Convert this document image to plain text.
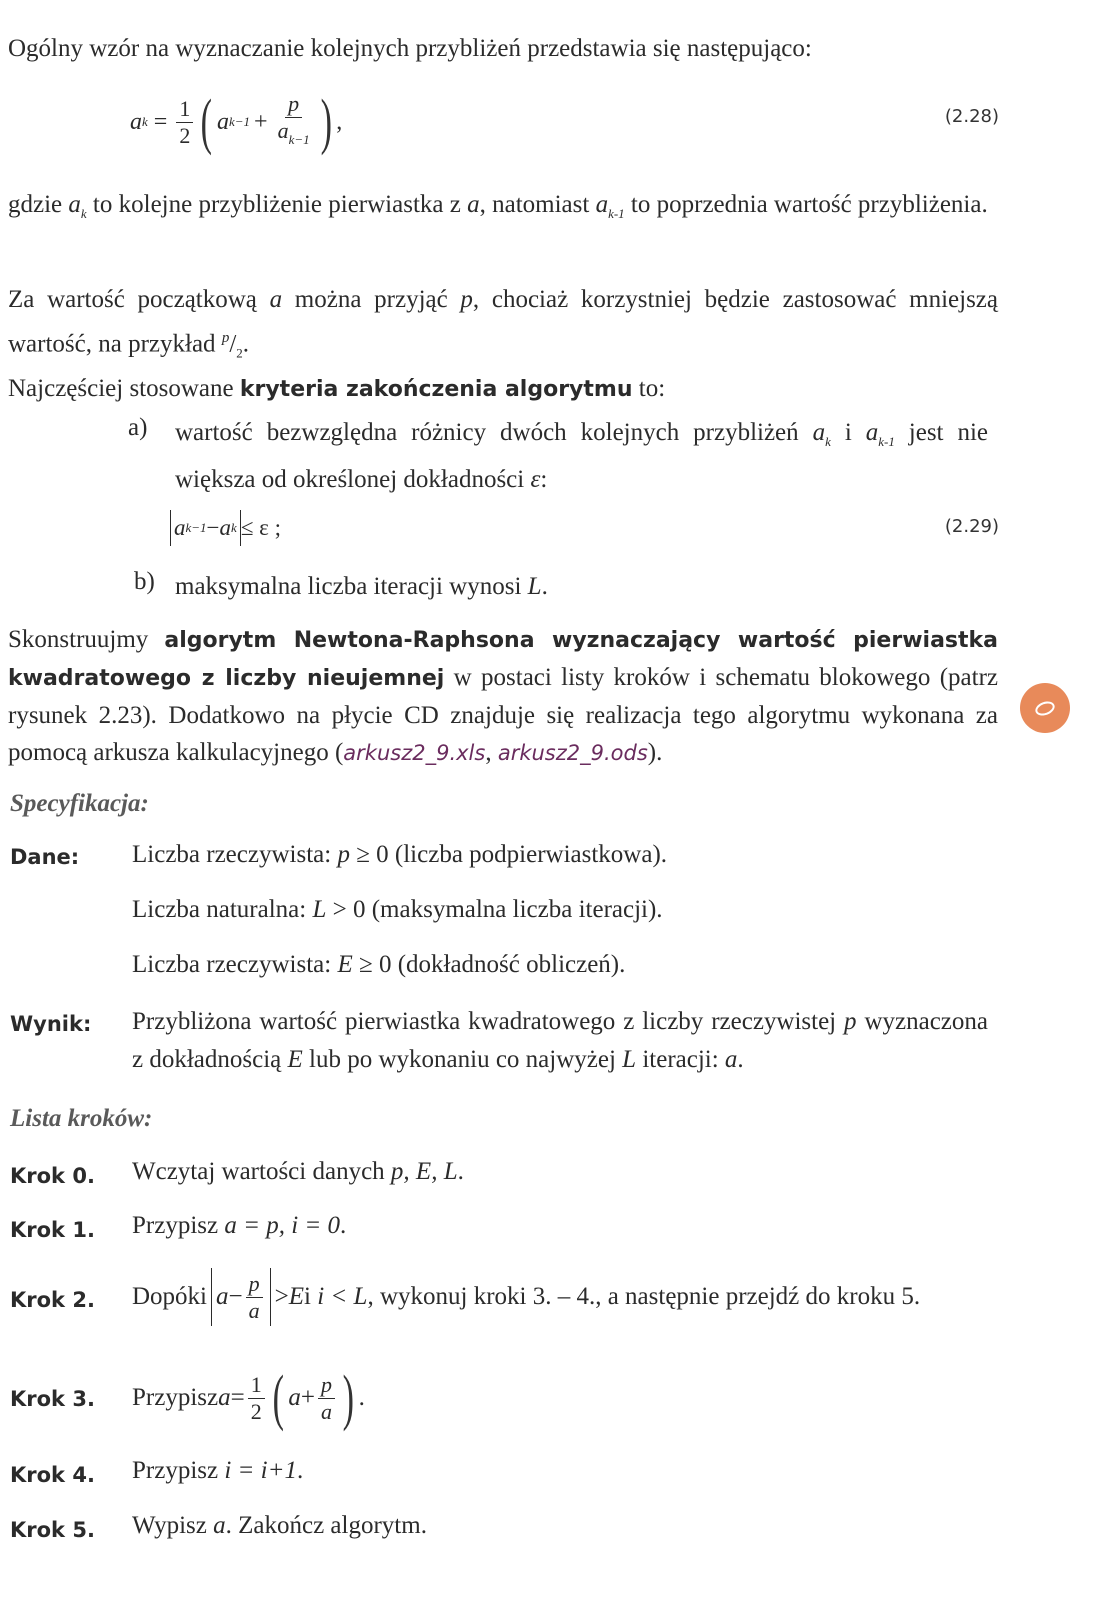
Ogólny wzór na wyznaczanie kolejnych przybliżeń przedstawia się następująco:
a $k = \frac{1}{2}$ ( a $k-1 + \frac{p}{a_{k-1}}$ ) ,	(2.28)
gdzie $a_k$ to kolejne przybliżenie pierwiastka z a, natomiast $a_{k-1}$ to poprzednia wartość przybliżenia.
Za wartość początkową a można przyjąć p, chociaż korzystniej będzie zastosować mniejszą wartość, na przykład $^p/_2$.
Najczęściej stosowane kryteria zakończenia algorytmu to:
a) wartość bezwzględna różnicy dwóch kolejnych przybliżeń $a_k$ i $a_{k-1}$ jest nie większa od określonej dokładności ε:
a k−1 − a k ≤ ε ;	(2.29)
b) maksymalna liczba iteracji wynosi L.
Skonstruujmy algorytm Newtona-Raphsona wyznaczający wartość pierwiastka kwadratowego z liczby nieujemnej w postaci listy kroków i schematu blokowego (patrz rysunek 2.23). Dodatkowo na płycie CD znajduje się realizacja tego algorytmu wykonana za pomocą arkusza kalkulacyjnego (arkusz2_9.xls, arkusz2_9.ods).
Specyfikacja:
Dane: Liczba rzeczywista: p ≥ 0 (liczba podpierwiastkowa).
Liczba naturalna: L > 0 (maksymalna liczba iteracji).
Liczba rzeczywista: E ≥ 0 (dokładność obliczeń).
Wynik: Przybliżona wartość pierwiastka kwadratowego z liczby rzeczywistej p wyznaczona z dokładnością E lub po wykonaniu co najwyżej L iteracji: a.
Lista kroków:
Krok 0. Wczytaj wartości danych p, E, L.
Krok 1. Przypisz a = p, i = 0.
Krok 2. Dopóki $a - \frac{p}{a} > E$ i
i < L , wykonuj kroki 3. – 4., a następnie przejdź do kroku 5.
Krok 3. Przypisz $a = \frac{1}{2}$ ( $a + \frac{p}{a}$ ) .
Krok 4. Przypisz i = i+1.
Krok 5. Wypisz a. Zakończ algorytm.
